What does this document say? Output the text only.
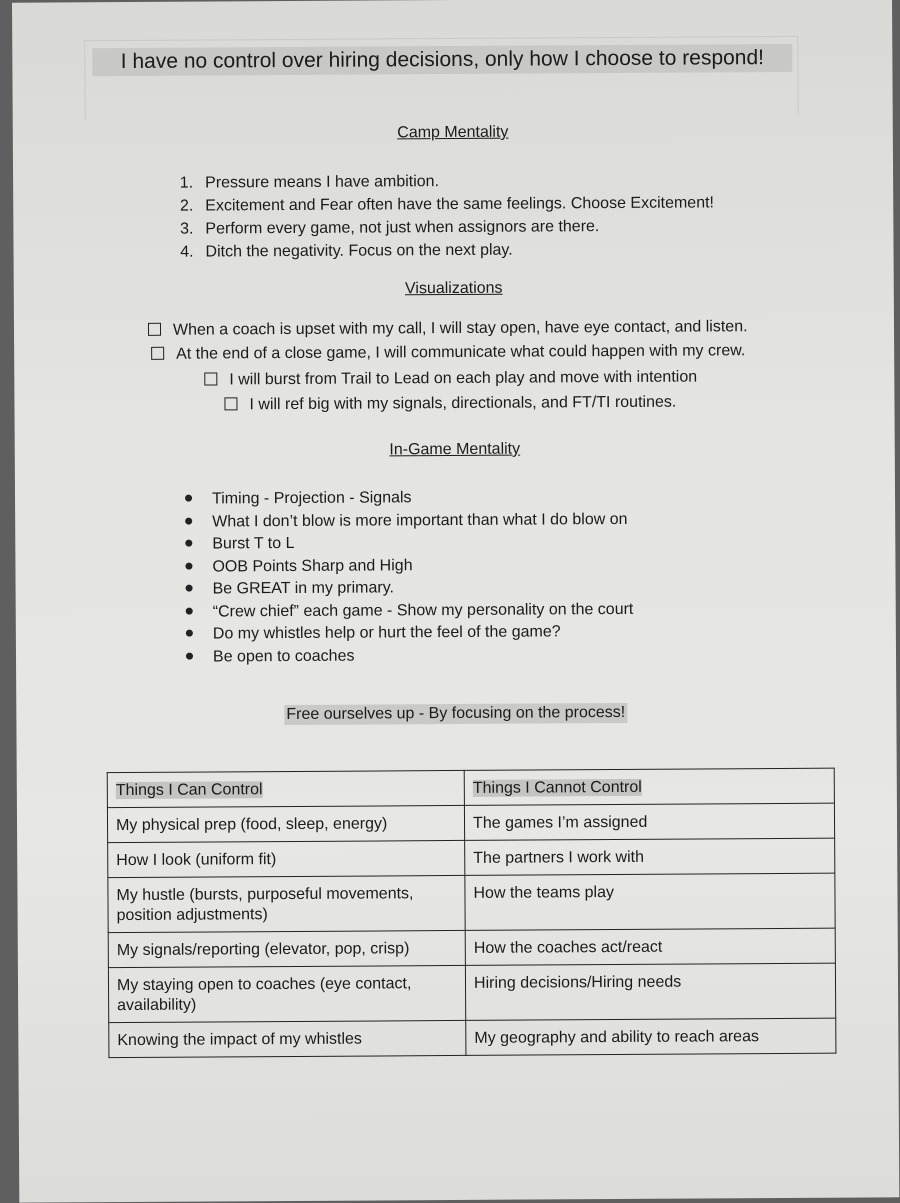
I have no control over hiring decisions, only how I choose to respond!
Camp Mentality
1. Pressure means I have ambition.
2. Excitement and Fear often have the same feelings. Choose Excitement!
3. Perform every game, not just when assignors are there.
4. Ditch the negativity. Focus on the next play.
Visualizations
When a coach is upset with my call, I will stay open, have eye contact, and listen.
At the end of a close game, I will communicate what could happen with my crew.
I will burst from Trail to Lead on each play and move with intention
I will ref big with my signals, directionals, and FT/TI routines.
In-Game Mentality
Timing - Projection - Signals
What I don’t blow is more important than what I do blow on
Burst T to L
OOB Points Sharp and High
Be GREAT in my primary.
“Crew chief” each game - Show my personality on the court
Do my whistles help or hurt the feel of the game?
Be open to coaches
Free ourselves up - By focusing on the process!
Things I Can Control	Things I Cannot Control
My physical prep (food, sleep, energy)	The games I’m assigned
How I look (uniform fit)	The partners I work with
My hustle (bursts, purposeful movements, position adjustments)	How the teams play
My signals/reporting (elevator, pop, crisp)	How the coaches act/react
My staying open to coaches (eye contact, availability)	Hiring decisions/Hiring needs
Knowing the impact of my whistles	My geography and ability to reach areas
